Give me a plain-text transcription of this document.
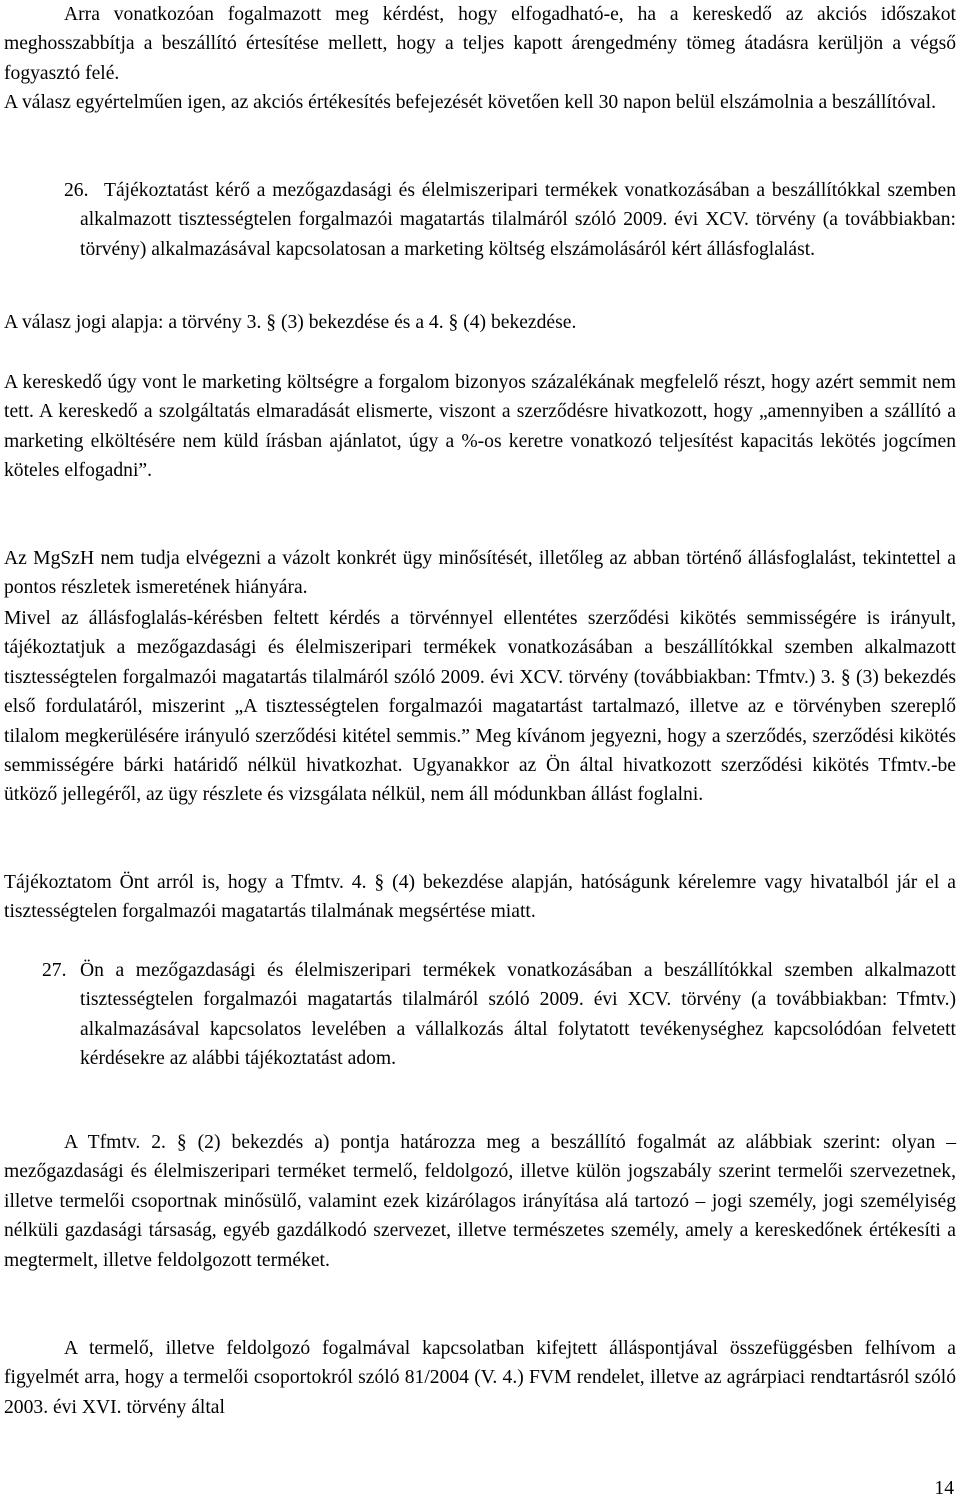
Arra vonatkozóan fogalmazott meg kérdést, hogy elfogadható-e, ha a kereskedő az akciós időszakot meghosszabbítja a beszállító értesítése mellett, hogy a teljes kapott árengedmény tömeg átadásra kerüljön a végső fogyasztó felé.

A válasz egyértelműen igen, az akciós értékesítés befejezését követően kell 30 napon belül elszámolnia a beszállítóval.

26. Tájékoztatást kérő a mezőgazdasági és élelmiszeripari termékek vonatkozásában a beszállítókkal szemben alkalmazott tisztességtelen forgalmazói magatartás tilalmáról szóló 2009. évi XCV. törvény (a továbbiakban: törvény) alkalmazásával kapcsolatosan a marketing költség elszámolásáról kért állásfoglalást.

A válasz jogi alapja: a törvény 3. § (3) bekezdése és a 4. § (4) bekezdése.

A kereskedő úgy vont le marketing költségre a forgalom bizonyos százalékának megfelelő részt, hogy azért semmit nem tett. A kereskedő a szolgáltatás elmaradását elismerte, viszont a szerződésre hivatkozott, hogy „amennyiben a szállító a marketing elköltésére nem küld írásban ajánlatot, úgy a %-os keretre vonatkozó teljesítést kapacitás lekötés jogcímen köteles elfogadni”.

Az MgSzH nem tudja elvégezni a vázolt konkrét ügy minősítését, illetőleg az abban történő állásfoglalást, tekintettel a pontos részletek ismeretének hiányára.

Mivel az állásfoglalás-kérésben feltett kérdés a törvénnyel ellentétes szerződési kikötés semmisségére is irányult, tájékoztatjuk a mezőgazdasági és élelmiszeripari termékek vonatkozásában a beszállítókkal szemben alkalmazott tisztességtelen forgalmazói magatartás tilalmáról szóló 2009. évi XCV. törvény (továbbiakban: Tfmtv.) 3. § (3) bekezdés első fordulatáról, miszerint „A tisztességtelen forgalmazói magatartást tartalmazó, illetve az e törvényben szereplő tilalom megkerülésére irányuló szerződési kitétel semmis.” Meg kívánom jegyezni, hogy a szerződés, szerződési kikötés semmisségére bárki határidő nélkül hivatkozhat. Ugyanakkor az Ön által hivatkozott szerződési kikötés Tfmtv.-be ütköző jellegéről, az ügy részlete és vizsgálata nélkül, nem áll módunkban állást foglalni.

Tájékoztatom Önt arról is, hogy a Tfmtv. 4. § (4) bekezdése alapján, hatóságunk kérelemre vagy hivatalból jár el a tisztességtelen forgalmazói magatartás tilalmának megsértése miatt.

27. Ön a mezőgazdasági és élelmiszeripari termékek vonatkozásában a beszállítókkal szemben alkalmazott tisztességtelen forgalmazói magatartás tilalmáról szóló 2009. évi XCV. törvény (a továbbiakban: Tfmtv.) alkalmazásával kapcsolatos levelében a vállalkozás által folytatott tevékenységhez kapcsolódóan felvetett kérdésekre az alábbi tájékoztatást adom.

A Tfmtv. 2. § (2) bekezdés a) pontja határozza meg a beszállító fogalmát az alábbiak szerint: olyan – mezőgazdasági és élelmiszeripari terméket termelő, feldolgozó, illetve külön jogszabály szerint termelői szervezetnek, illetve termelői csoportnak minősülő, valamint ezek kizárólagos irányítása alá tartozó – jogi személy, jogi személyiség nélküli gazdasági társaság, egyéb gazdálkodó szervezet, illetve természetes személy, amely a kereskedőnek értékesíti a megtermelt, illetve feldolgozott terméket.

A termelő, illetve feldolgozó fogalmával kapcsolatban kifejtett álláspontjával összefüggésben felhívom a figyelmét arra, hogy a termelői csoportokról szóló 81/2004 (V. 4.) FVM rendelet, illetve az agrárpiaci rendtartásról szóló 2003. évi XVI. törvény által

14
